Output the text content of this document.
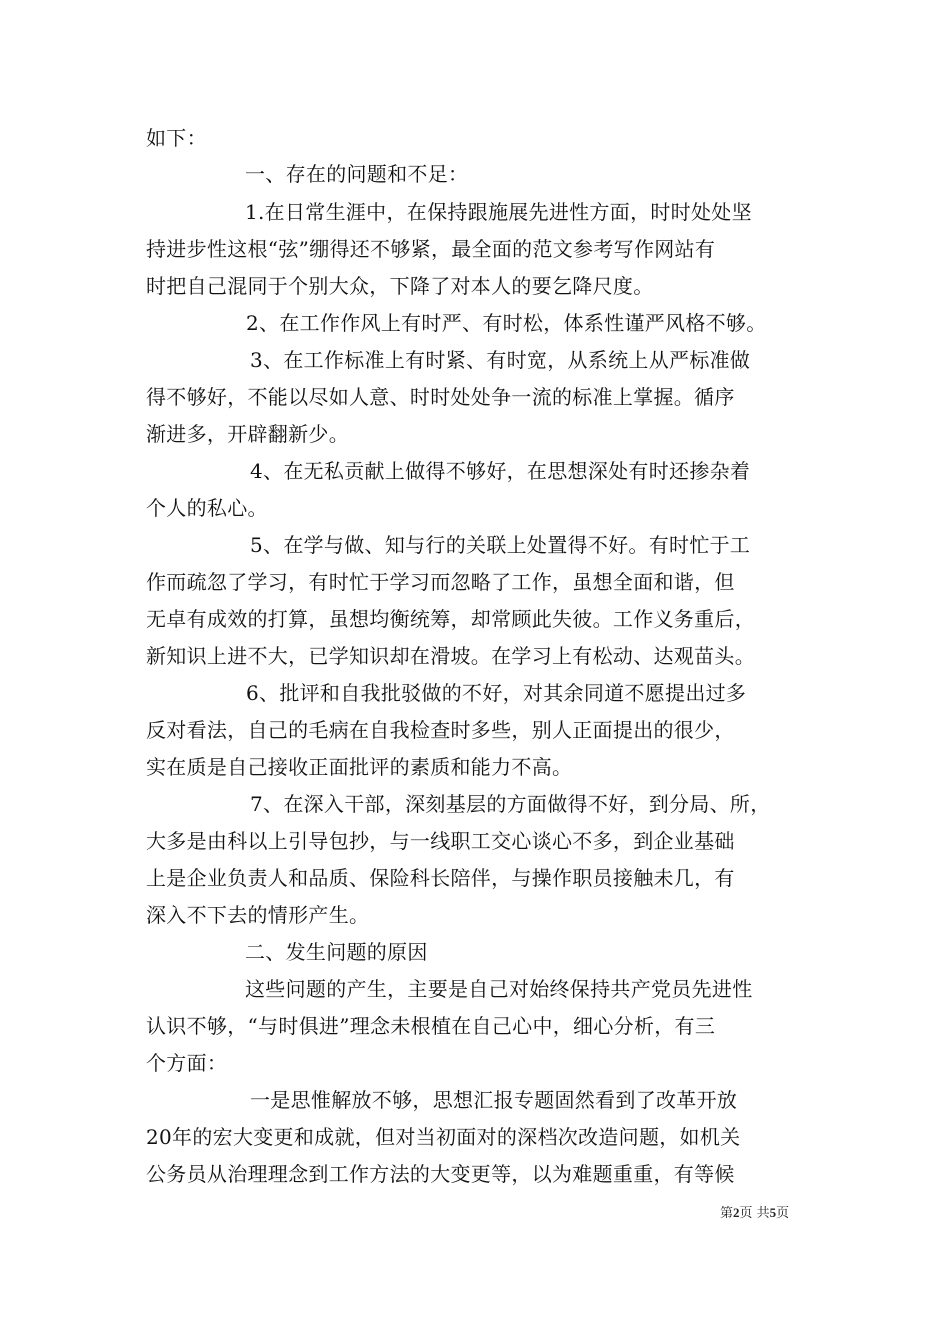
如下：
一、存在的问题和不足：
1.在日常生涯中，在保持跟施展先进性方面，时时处处坚
持进步性这根“弦”绷得还不够紧，最全面的范文参考写作网站有
时把自己混同于个别大众，下降了对本人的要乞降尺度。
2、在工作作风上有时严、有时松，体系性谨严风格不够。
3、在工作标准上有时紧、有时宽，从系统上从严标准做
得不够好，不能以尽如人意、时时处处争一流的标准上掌握。循序
渐进多，开辟翻新少。
4、在无私贡献上做得不够好，在思想深处有时还掺杂着
个人的私心。
5、在学与做、知与行的关联上处置得不好。有时忙于工
作而疏忽了学习，有时忙于学习而忽略了工作，虽想全面和谐，但
无卓有成效的打算，虽想均衡统筹，却常顾此失彼。工作义务重后，
新知识上进不大，已学知识却在滑坡。在学习上有松动、达观苗头。
6、批评和自我批驳做的不好，对其余同道不愿提出过多
反对看法，自己的毛病在自我检查时多些，别人正面提出的很少，
实在质是自己接收正面批评的素质和能力不高。
7、在深入干部，深刻基层的方面做得不好，到分局、所，
大多是由科以上引导包抄，与一线职工交心谈心不多，到企业基础
上是企业负责人和品质、保险科长陪伴，与操作职员接触未几，有
深入不下去的情形产生。
二、发生问题的原因
这些问题的产生，主要是自己对始终保持共产党员先进性
认识不够，“与时俱进”理念未根植在自己心中，细心分析，有三
个方面：
一是思惟解放不够，思想汇报专题固然看到了改革开放
20年的宏大变更和成就，但对当初面对的深档次改造问题，如机关
公务员从治理理念到工作方法的大变更等，以为难题重重，有等候
第2页 共5页
